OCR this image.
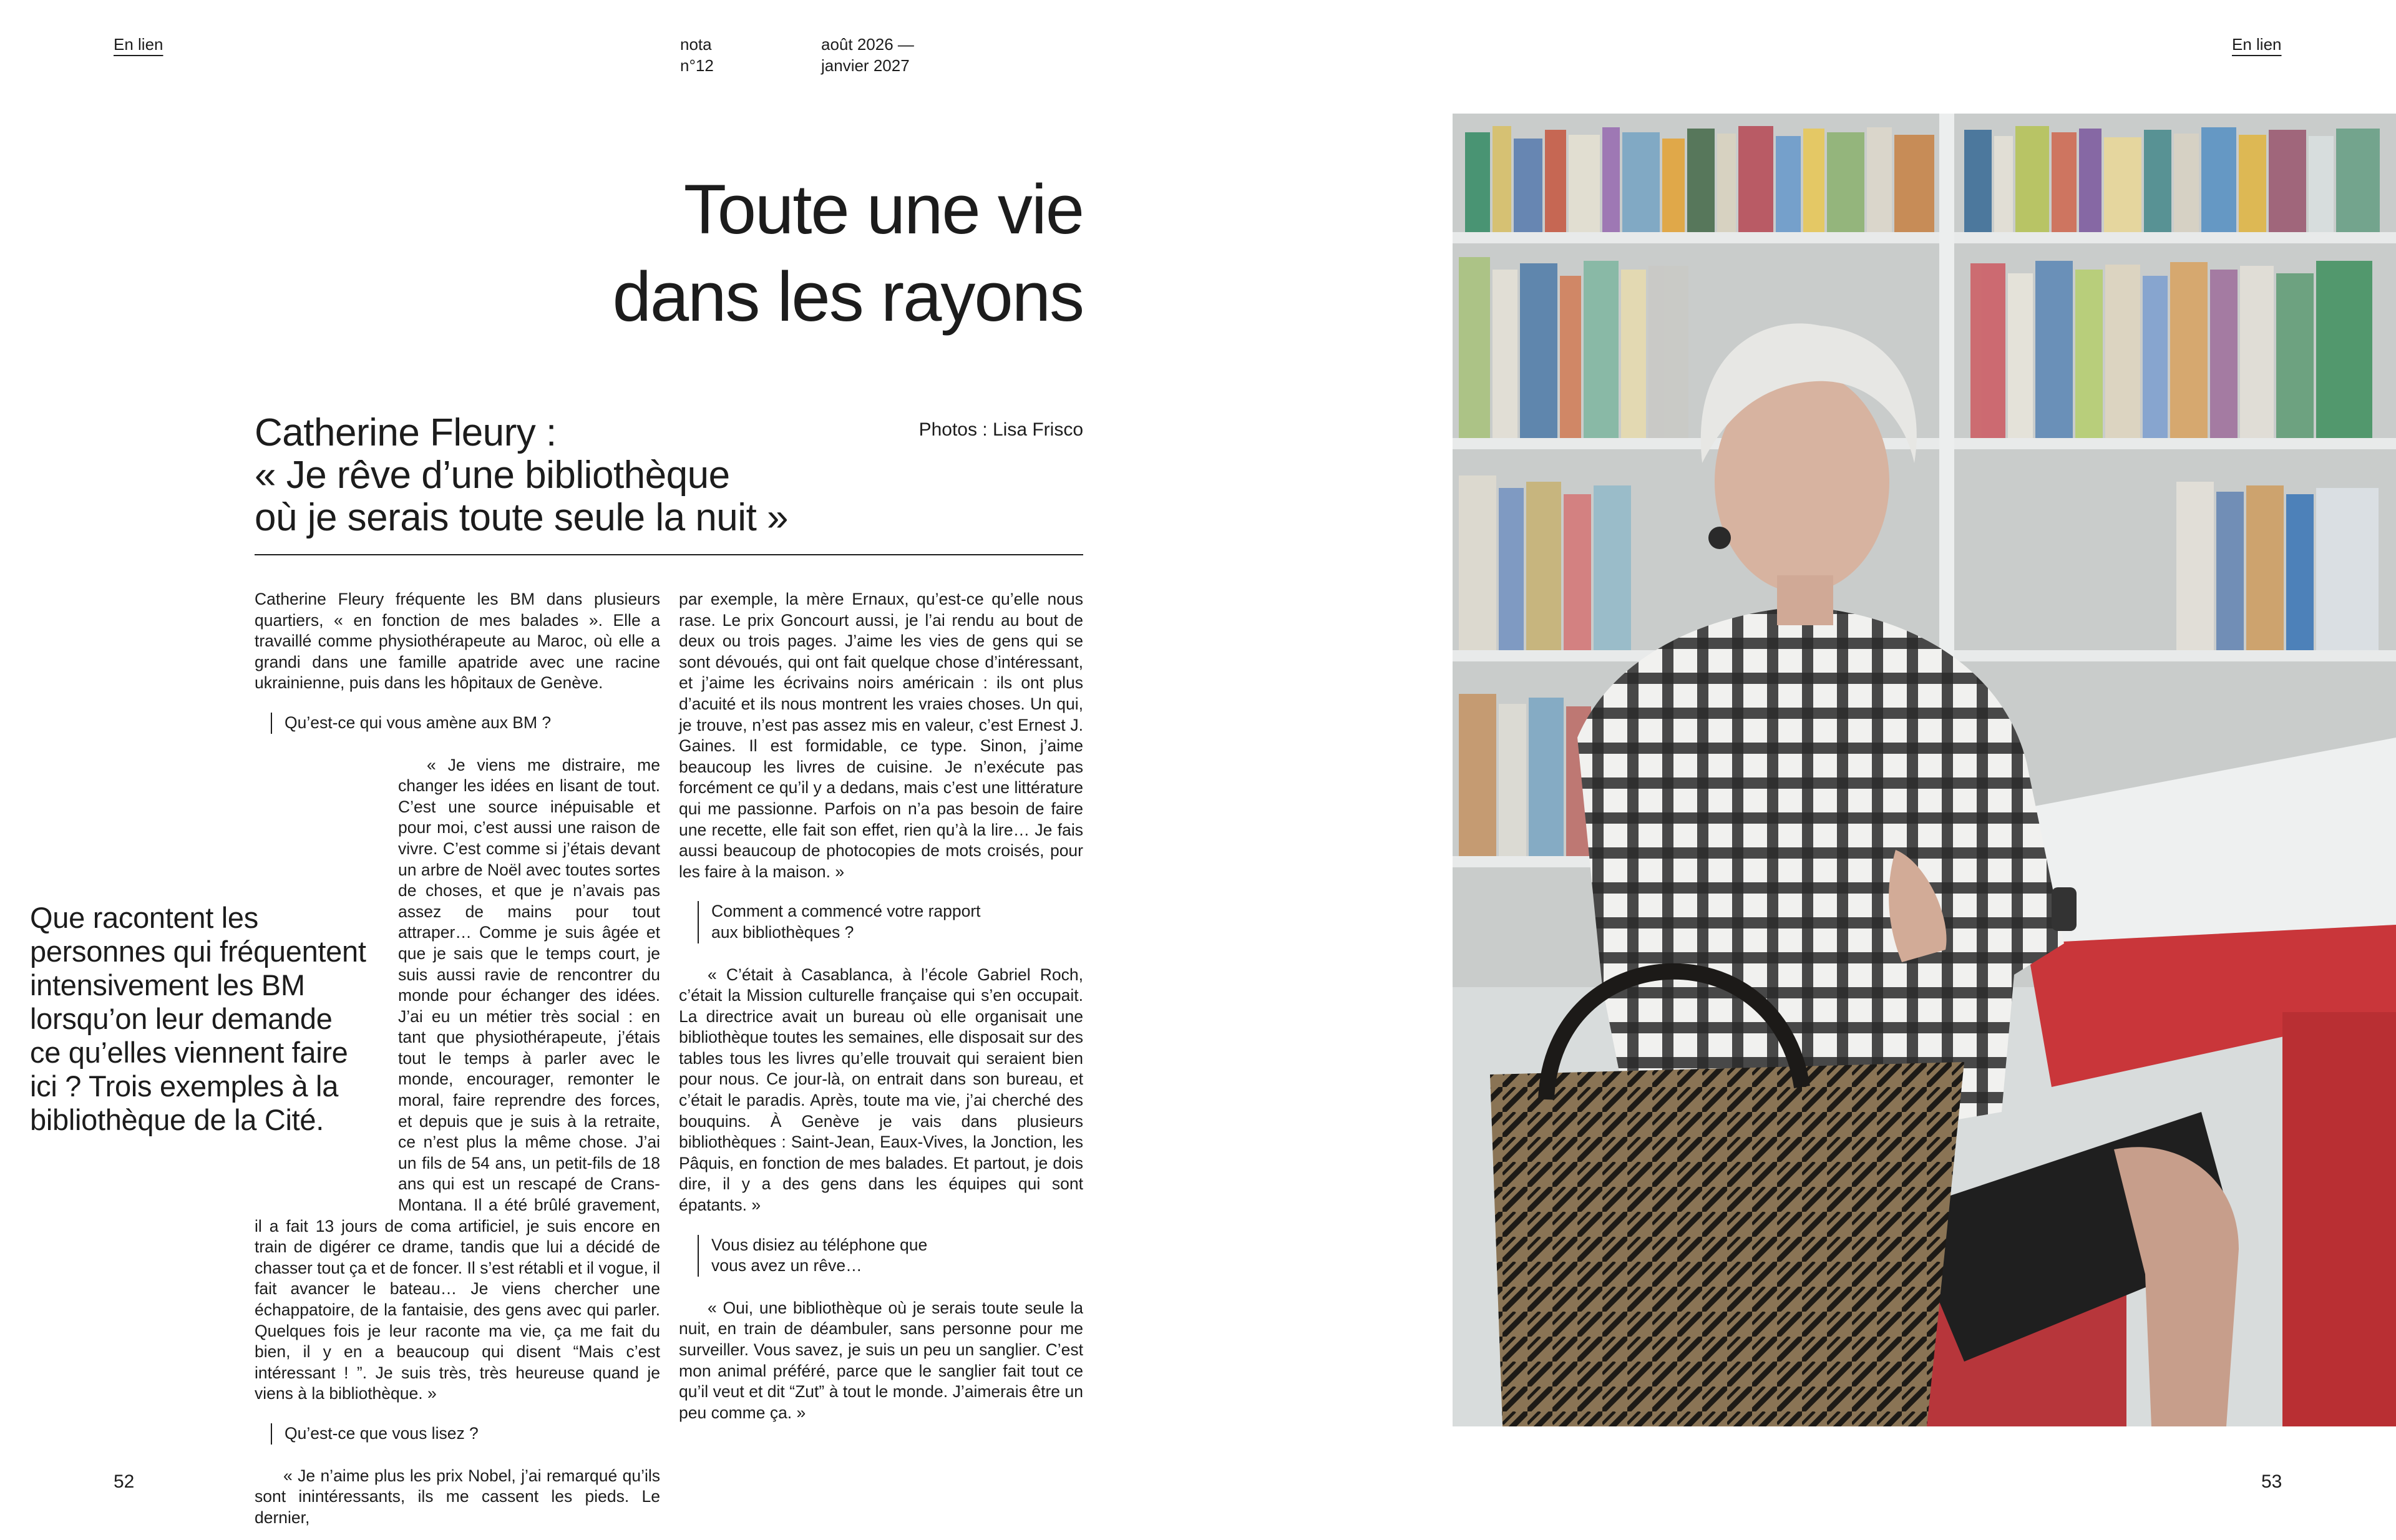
En lien	nota
n°12
août 2026 —
janvier 2027
En lien
Toute une vie
dans les rayons
Catherine Fleury :
« Je rêve d’une bibliothèque
où je serais toute seule la nuit »
Photos : Lisa Frisco
Que racontent les personnes qui fréquentent intensivement les BM lorsqu’on leur demande ce qu’elles viennent faire ici ? Trois exemples à la bibliothèque de la Cité.

Catherine Fleury fréquente les BM dans plusieurs quartiers, « en fonction de mes balades ». Elle a travaillé comme physiothérapeute au Maroc, où elle a grandi dans une famille apatride avec une racine ukrainienne, puis dans les hôpitaux de Genève.

Qu’est-ce qui vous amène aux BM ?

« Je viens me distraire, me changer les idées en lisant de tout. C’est une source inépuisable et pour moi, c’est aussi une raison de vivre. C’est comme si j’étais devant un arbre de Noël avec toutes sortes de choses, et que je n’avais pas assez de mains pour tout attraper… Comme je suis âgée et que je sais que le temps court, je suis aussi ravie de rencontrer du monde pour échanger des idées. J’ai eu un métier très social : en tant que physiothérapeute, j’étais tout le temps à parler avec le monde, encourager, remonter le moral, faire reprendre des forces, et depuis que je suis à la retraite, ce n’est plus la même chose. J’ai un fils de 54 ans, un petit-fils de 18 ans qui est un rescapé de Crans-Montana. Il a été brûlé gravement, il a fait 13 jours de coma artificiel, je suis encore en train de digérer ce drame, tandis que lui a décidé de chasser tout ça et de foncer. Il s’est rétabli et il vogue, il fait avancer le bateau… Je viens chercher une échappatoire, de la fantaisie, des gens avec qui parler. Quelques fois je leur raconte ma vie, ça me fait du bien, il y en a beaucoup qui disent “Mais c’est intéressant ! ”. Je suis très, très heureuse quand je viens à la bibliothèque. »

Qu’est-ce que vous lisez ?

« Je n’aime plus les prix Nobel, j’ai remarqué qu’ils sont inintéressants, ils me cassent les pieds. Le dernier,

par exemple, la mère Ernaux, qu’est-ce qu’elle nous rase. Le prix Goncourt aussi, je l’ai rendu au bout de deux ou trois pages. J’aime les vies de gens qui se sont dévoués, qui ont fait quelque chose d’intéressant, et j’aime les écrivains noirs américain : ils ont plus d’acuité et ils nous montrent les vraies choses. Un qui, je trouve, n’est pas assez mis en valeur, c’est Ernest J. Gaines. Il est formidable, ce type. Sinon, j’aime beaucoup les livres de cuisine. Je n’exécute pas forcément ce qu’il y a dedans, mais c’est une littérature qui me passionne. Parfois on n’a pas besoin de faire une recette, elle fait son effet, rien qu’à la lire… Je fais aussi beaucoup de photocopies de mots croisés, pour les faire à la maison. »

Comment a commencé votre rapport aux bibliothèques ?

« C’était à Casablanca, à l’école Gabriel Roch, c’était la Mission culturelle française qui s’en occupait. La directrice avait un bureau où elle organisait une bibliothèque toutes les semaines, elle disposait sur des tables tous les livres qu’elle trouvait qui seraient bien pour nous. Ce jour-là, on entrait dans son bureau, et c’était le paradis. Après, toute ma vie, j’ai cherché des bouquins. À Genève je vais dans plusieurs bibliothèques : Saint-Jean, Eaux-Vives, la Jonction, les Pâquis, en fonction de mes balades. Et partout, je dois dire, il y a des gens dans les équipes qui sont épatants. »

Vous disiez au téléphone que vous avez un rêve…

« Oui, une bibliothèque où je serais toute seule la nuit, en train de déambuler, sans personne pour me surveiller. Vous savez, je suis un peu un sanglier. C’est mon animal préféré, parce que le sanglier fait tout ce qu’il veut et dit “Zut” à tout le monde. J’aimerais être un peu comme ça. »

52	53
